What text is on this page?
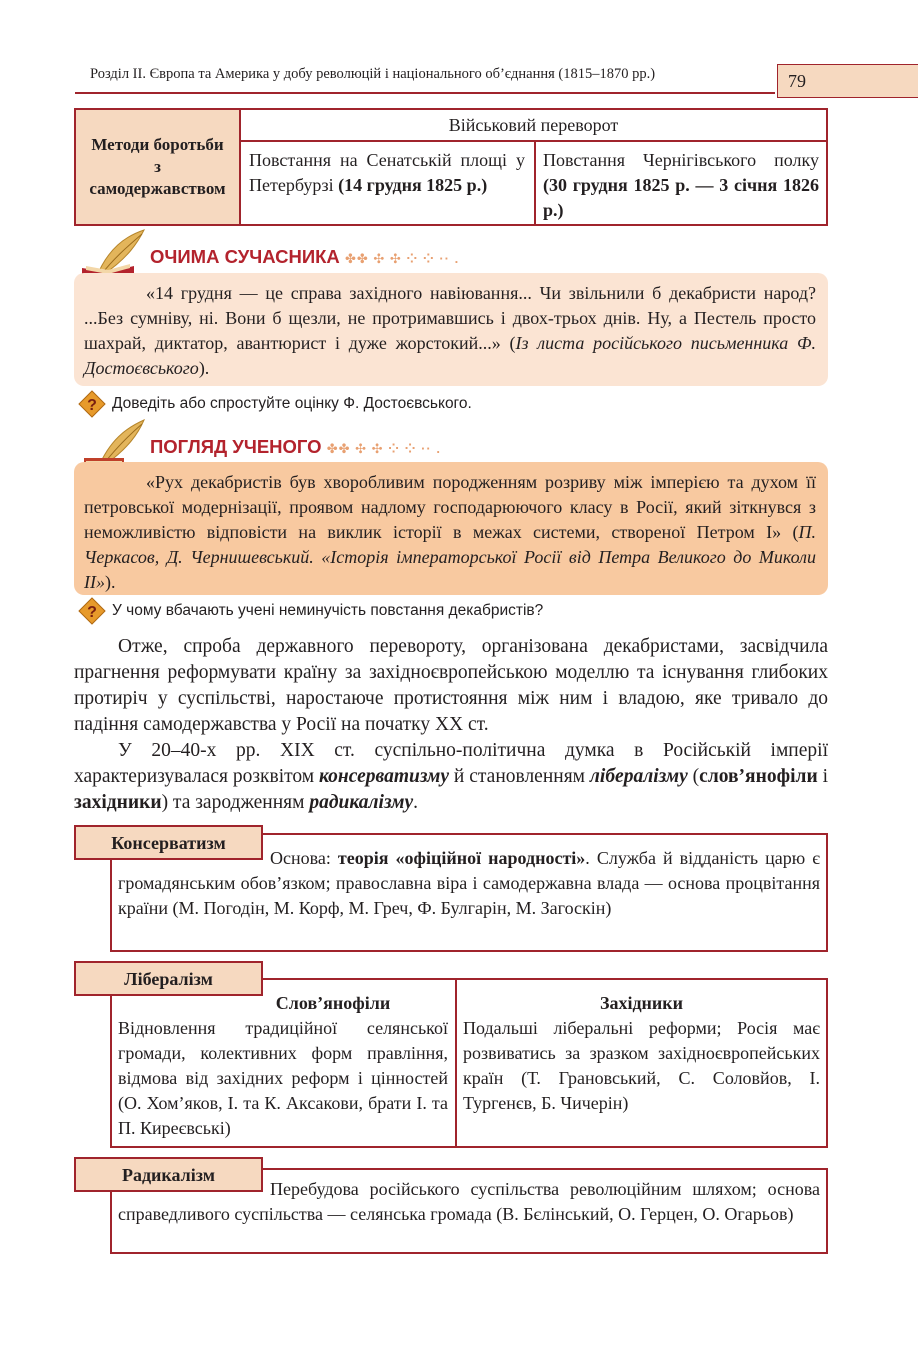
Розділ ІІ. Європа та Америка у добу революцій і національного об’єднання (1815–1870 рр.)	79
Методи боротьби з самодержавством
Військовий переворот
Повстання на Сенатській площі у Петербурзі (14 грудня 1825 р.)
Повстання Чернігівського полку (30 грудня 1825 р. — 3 січня 1826 р.)
ОЧИМА СУЧАСНИКА ✤✤ ✣ ✣ ⁘ ⁘ ·· .
«14 грудня — це справа західного навіювання... Чи звільнили б декабристи народ? ...Без сумніву, ні. Вони б щезли, не протримавшись і двох-трьох днів. Ну, а Пестель просто шахрай, диктатор, авантюрист і дуже жорстокий...» (Із листа російського письменника Ф. Достоєвського).
? Доведіть або спростуйте оцінку Ф. Достоєвського.
ПОГЛЯД УЧЕНОГО ✤✤ ✣ ✣ ⁘ ⁘ ·· .
«Рух декабристів був хворобливим породженням розриву між імперією та духом її петровської модернізації, проявом надлому господарюючого класу в Росії, який зіткнувся з неможливістю відповісти на виклик історії в межах системи, створеної Петром І» (П. Черкасов, Д. Чернишевський. «Історія імператорської Росії від Петра Великого до Миколи ІІ»).
? У чому вбачають учені неминучість повстання декабристів?
Отже, спроба державного перевороту, організована декабристами, засвідчила прагнення реформувати країну за західноєвропейською моделлю та існування глибоких протиріч у суспільстві, наростаюче протистояння між ним і владою, яке тривало до падіння самодержавства у Росії на початку ХХ ст.
У 20–40-х рр. ХІХ ст. суспільно-політична думка в Російській імперії характеризувалася розквітом консерватизму й становленням лібералізму (слов’янофіли і західники) та зародженням радикалізму.
Консерватизм
Основа: теорія «офіційної народності». Служба й відданість царю є громадянським обов’язком; православна віра і самодержавна влада — основа процвітання країни (М. Погодін, М. Корф, М. Греч, Ф. Булгарін, М. Загоскін)
Лібералізм
Слов’янофіли
Відновлення традиційної селянської громади, колективних форм правління, відмова від західних реформ і цінностей (О. Хом’яков, І. та К. Аксакови, брати І. та П. Киреєвські)
Західники
Подальші ліберальні реформи; Росія має розвиватись за зразком західноєвропейських країн (Т. Грановський, С. Соловйов, І. Тургенєв, Б. Чичерін)
Радикалізм
Перебудова російського суспільства революційним шляхом; основа справедливого суспільства — селянська громада (В. Бєлінський, О. Герцен, О. Огарьов)
